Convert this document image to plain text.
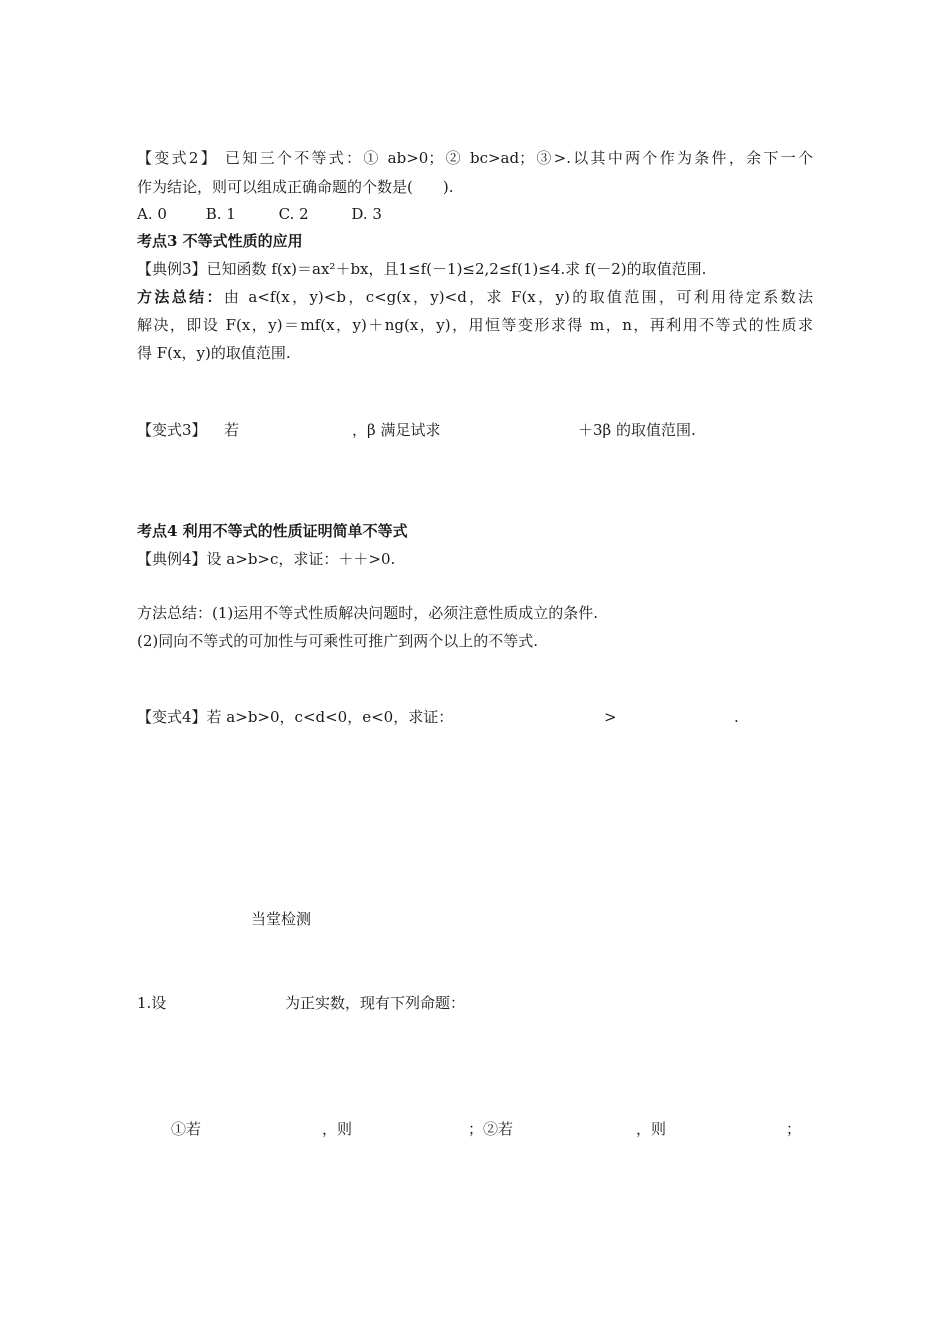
【变式2】 已知三个不等式：① ab>0；② bc>ad；③>.以其中两个作为条件，余下一个
作为结论，则可以组成正确命题的个数是(　　).
A. 0	B. 1	C. 2	D. 3
考点3 不等式性质的应用
【典例3】已知函数 f(x)＝ax²＋bx，且1≤f(－1)≤2,2≤f(1)≤4.求 f(－2)的取值范围.
方法总结：由 a<f(x，y)<b，c<g(x，y)<d，求 F(x，y)的取值范围，可利用待定系数法
解决，即设 F(x，y)＝mf(x，y)＋ng(x，y)，用恒等变形求得 m，n，再利用不等式的性质求
得 F(x，y)的取值范围.
【变式3】 若	，β 满足试求	＋3β 的取值范围.
考点4 利用不等式的性质证明简单不等式
【典例4】设 a>b>c，求证：＋＋>0.
方法总结：(1)运用不等式性质解决问题时，必须注意性质成立的条件.
(2)同向不等式的可加性与可乘性可推广到两个以上的不等式.
【变式4】若 a>b>0，c<d<0，e<0，求证：	>	.
当堂检测
1.设	为正实数，现有下列命题：
①若	，则	；②若	，则	；
